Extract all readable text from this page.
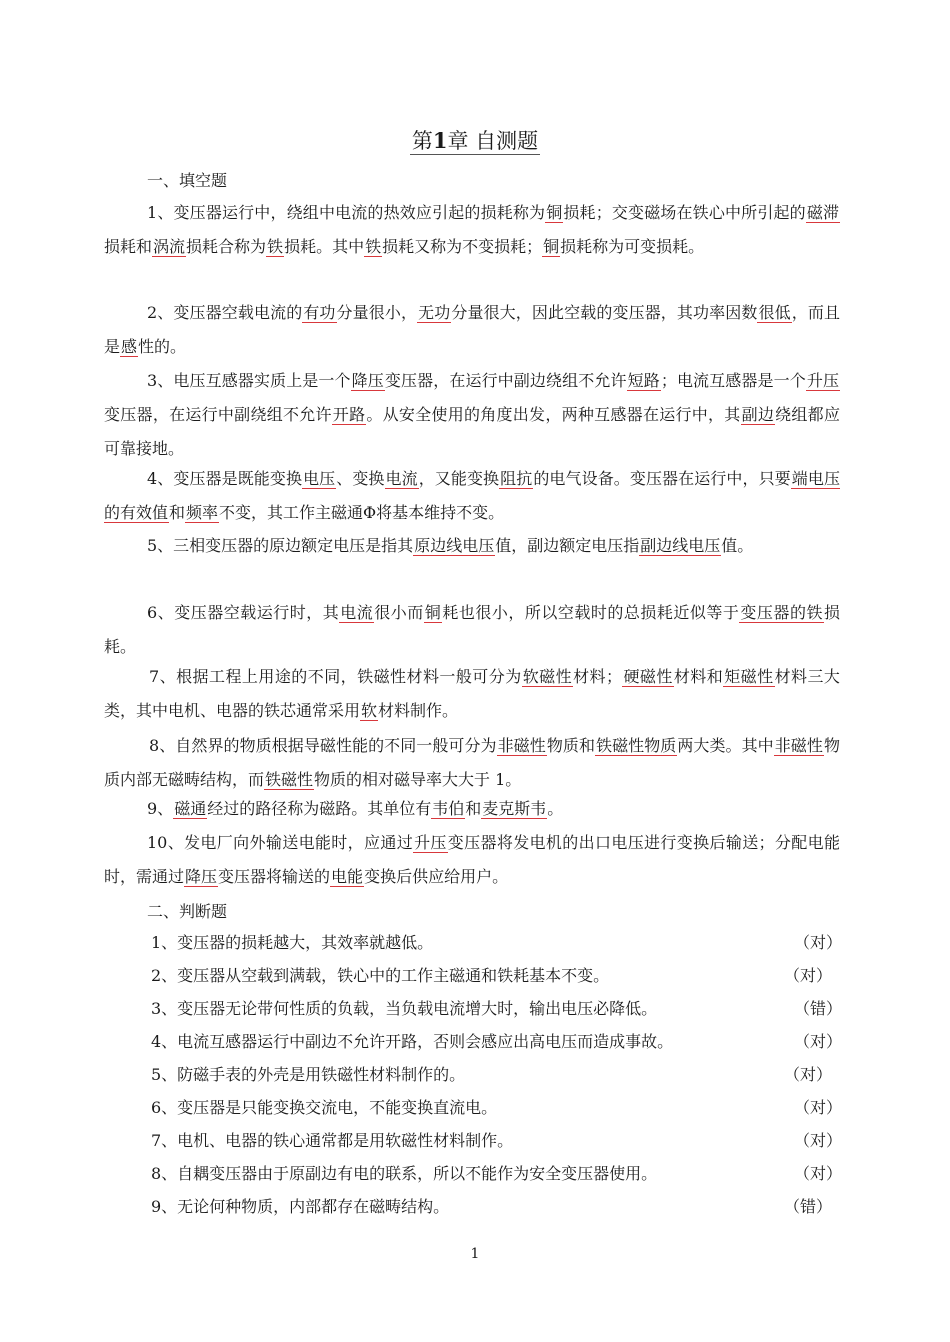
第1章 自测题
一、填空题
1、变压器运行中，绕组中电流的热效应引起的损耗称为铜损耗；交变磁场在铁心中所引起的磁滞损耗和涡流损耗合称为铁损耗。其中铁损耗又称为不变损耗；铜损耗称为可变损耗。
2、变压器空载电流的有功分量很小，无功分量很大，因此空载的变压器，其功率因数很低，而且是感性的。
3、电压互感器实质上是一个降压变压器，在运行中副边绕组不允许短路；电流互感器是一个升压变压器，在运行中副绕组不允许开路。从安全使用的角度出发，两种互感器在运行中，其副边绕组都应可靠接地。
4、变压器是既能变换电压、变换电流，又能变换阻抗的电气设备。变压器在运行中，只要端电压的有效值和频率不变，其工作主磁通Φ将基本维持不变。
5、三相变压器的原边额定电压是指其原边线电压值，副边额定电压指副边线电压值。
6、变压器空载运行时，其电流很小而铜耗也很小，所以空载时的总损耗近似等于变压器的铁损耗。
7、根据工程上用途的不同，铁磁性材料一般可分为软磁性材料；硬磁性材料和矩磁性材料三大类，其中电机、电器的铁芯通常采用软材料制作。
8、自然界的物质根据导磁性能的不同一般可分为非磁性物质和铁磁性物质两大类。其中非磁性物质内部无磁畴结构，而铁磁性物质的相对磁导率大大于 1。
9、磁通经过的路径称为磁路。其单位有韦伯和麦克斯韦。
10、发电厂向外输送电能时，应通过升压变压器将发电机的出口电压进行变换后输送；分配电能时，需通过降压变压器将输送的电能变换后供应给用户。
二、判断题
1、变压器的损耗越大，其效率就越低。	（对）
2、变压器从空载到满载，铁心中的工作主磁通和铁耗基本不变。	（对）
3、变压器无论带何性质的负载，当负载电流增大时，输出电压必降低。	（错）
4、电流互感器运行中副边不允许开路，否则会感应出高电压而造成事故。	（对）
5、防磁手表的外壳是用铁磁性材料制作的。	（对）
6、变压器是只能变换交流电，不能变换直流电。	（对）
7、电机、电器的铁心通常都是用软磁性材料制作。	（对）
8、自耦变压器由于原副边有电的联系，所以不能作为安全变压器使用。	（对）
9、无论何种物质，内部都存在磁畴结构。	（错）
1
